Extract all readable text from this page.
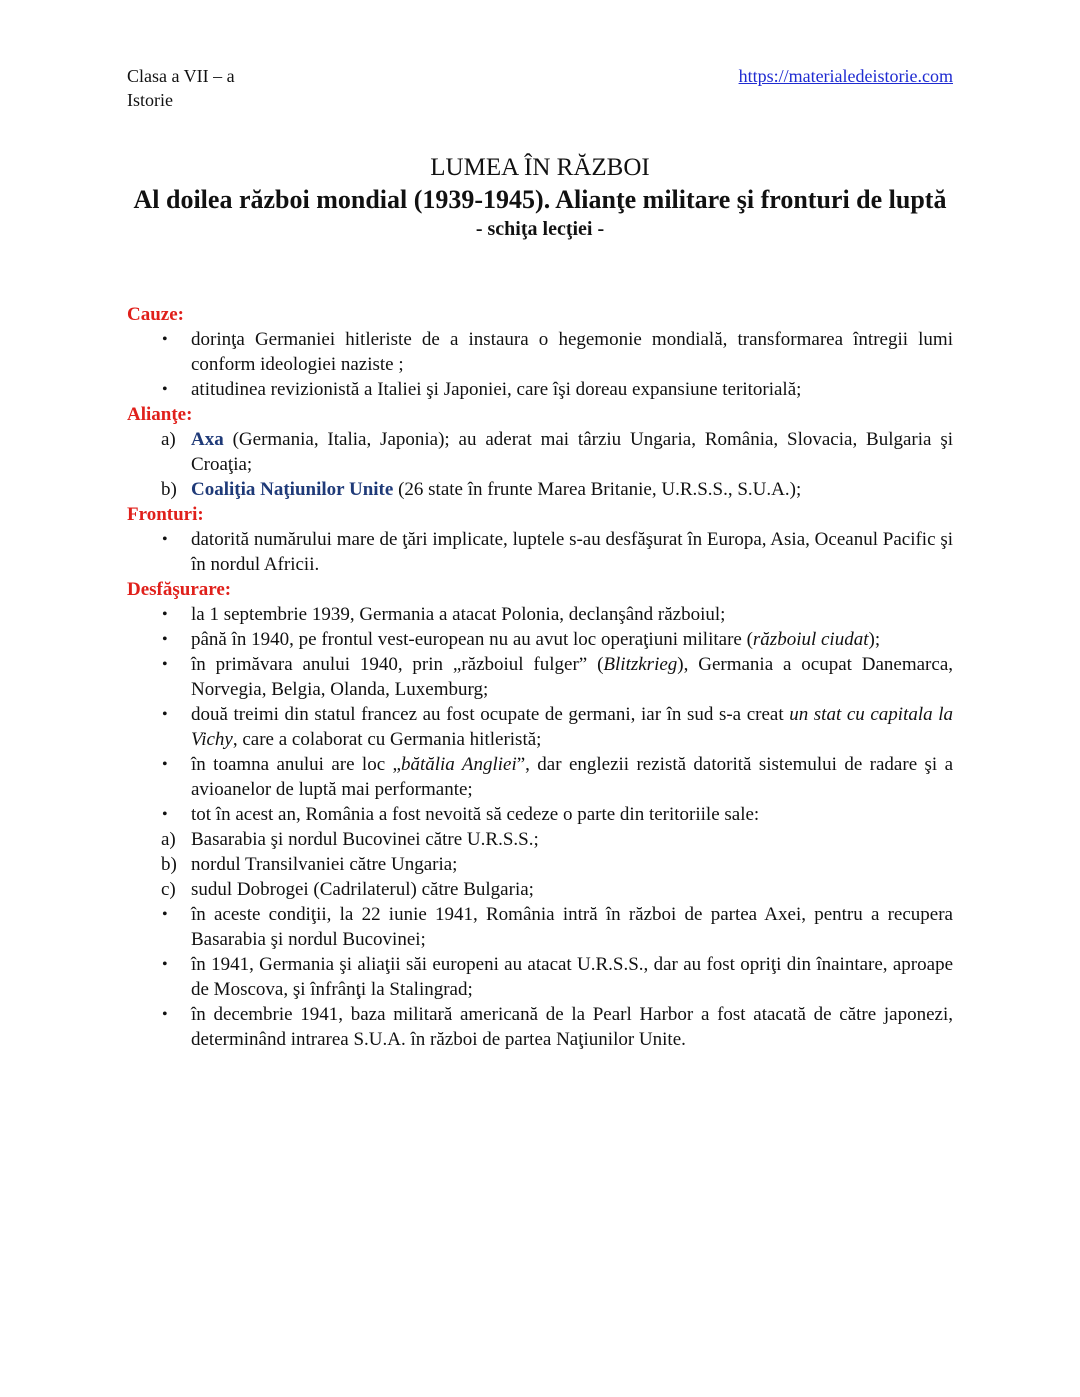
Clasa a VII – a
Istorie
https://materialedeistorie.com
LUMEA ÎN RĂZBOI
Al doilea război mondial (1939-1945). Alianţe militare şi fronturi de luptă
- schiţa lecţiei -
Cauze:
• dorinţa Germaniei hitleriste de a instaura o hegemonie mondială, transformarea întregii lumi conform ideologiei naziste ;
• atitudinea revizionistă a Italiei şi Japoniei, care îşi doreau expansiune teritorială;
Alianţe:
a) Axa (Germania, Italia, Japonia); au aderat mai târziu Ungaria, România, Slovacia, Bulgaria şi Croaţia;
b) Coaliţia Naţiunilor Unite (26 state în frunte Marea Britanie, U.R.S.S., S.U.A.);
Fronturi:
• datorită numărului mare de ţări implicate, luptele s-au desfăşurat în Europa, Asia, Oceanul Pacific şi în nordul Africii.
Desfăşurare:
• la 1 septembrie 1939, Germania a atacat Polonia, declanşând războiul;
• până în 1940, pe frontul vest-european nu au avut loc operaţiuni militare (războiul ciudat);
• în primăvara anului 1940, prin „războiul fulger” (Blitzkrieg), Germania a ocupat Danemarca, Norvegia, Belgia, Olanda, Luxemburg;
• două treimi din statul francez au fost ocupate de germani, iar în sud s-a creat un stat cu capitala la Vichy, care a colaborat cu Germania hitleristă;
• în toamna anului are loc „bătălia Angliei”, dar englezii rezistă datorită sistemului de radare şi a avioanelor de luptă mai performante;
• tot în acest an, România a fost nevoită să cedeze o parte din teritoriile sale:
a) Basarabia şi nordul Bucovinei către U.R.S.S.;
b) nordul Transilvaniei către Ungaria;
c) sudul Dobrogei (Cadrilaterul) către Bulgaria;
• în aceste condiţii, la 22 iunie 1941, România intră în război de partea Axei, pentru a recupera Basarabia şi nordul Bucovinei;
• în 1941, Germania şi aliaţii săi europeni au atacat U.R.S.S., dar au fost opriţi din înaintare, aproape de Moscova, şi înfrânţi la Stalingrad;
• în decembrie 1941, baza militară americană de la Pearl Harbor a fost atacată de către japonezi, determinând intrarea S.U.A. în război de partea Naţiunilor Unite.
